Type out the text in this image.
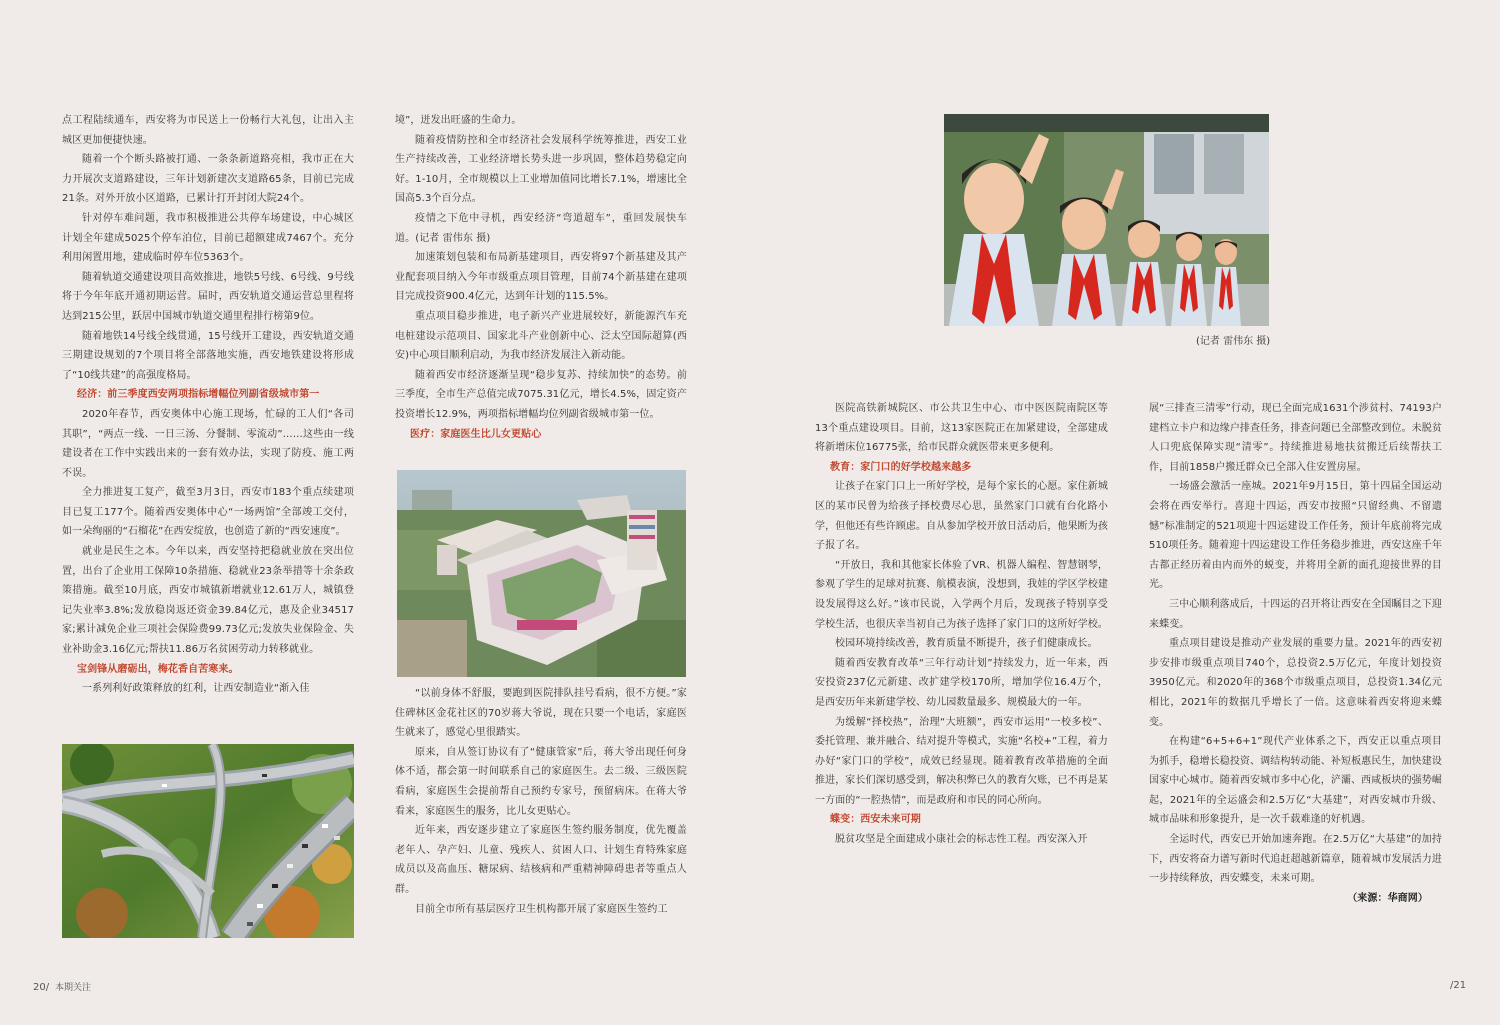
点工程陆续通车，西安将为市民送上一份畅行大礼包，让出入主城区更加便捷快速。

随着一个个断头路被打通、一条条新道路亮相，我市正在大力开展次支道路建设，三年计划新建次支道路65条，目前已完成21条。对外开放小区道路，已累计打开封闭大院24个。

针对停车难问题，我市积极推进公共停车场建设，中心城区计划全年建成5025个停车泊位，目前已超额建成7467个。充分利用闲置用地，建成临时停车位5363个。

随着轨道交通建设项目高效推进，地铁5号线、6号线、9号线将于今年年底开通初期运营。届时，西安轨道交通运营总里程将达到215公里，跃居中国城市轨道交通里程排行榜第9位。

随着地铁14号线全线贯通，15号线开工建设，西安轨道交通三期建设规划的7个项目将全部落地实施，西安地铁建设将形成了“10线共建”的高强度格局。

经济：前三季度西安两项指标增幅位列副省级城市第一

2020年春节，西安奥体中心施工现场，忙碌的工人们“各司其职”，“两点一线、一日三汤、分餐制、零流动”……这些由一线建设者在工作中实践出来的一套有效办法，实现了防疫、施工两不误。

全力推进复工复产，截至3月3日，西安市183个重点续建项目已复工177个。随着西安奥体中心“一场两馆”全部竣工交付，如一朵绚丽的“石榴花”在西安绽放，也创造了新的“西安速度”。

就业是民生之本。今年以来，西安坚持把稳就业放在突出位置，出台了企业用工保障10条措施、稳就业23条举措等十余条政策措施。截至10月底，西安市城镇新增就业12.61万人，城镇登记失业率3.8%;发放稳岗返还资金39.84亿元，惠及企业34517家;累计减免企业三项社会保险费99.73亿元;发放失业保险金、失业补助金3.16亿元;帮扶11.86万名贫困劳动力转移就业。

宝剑锋从磨砺出，梅花香自苦寒来。

一系列利好政策释放的红利，让西安制造业“渐入佳

境”，迸发出旺盛的生命力。

随着疫情防控和全市经济社会发展科学统筹推进，西安工业生产持续改善，工业经济增长势头进一步巩固，整体趋势稳定向好。1-10月，全市规模以上工业增加值同比增长7.1%，增速比全国高5.3个百分点。

疫情之下危中寻机，西安经济“弯道超车”，重回发展快车道。(记者 雷伟东 摄)

加速策划包装和布局新基建项目，西安将97个新基建及其产业配套项目纳入今年市级重点项目管理，目前74个新基建在建项目完成投资900.4亿元，达到年计划的115.5%。

重点项目稳步推进，电子新兴产业进展较好，新能源汽车充电桩建设示范项目、国家北斗产业创新中心、泛太空国际超算(西安)中心项目顺利启动，为我市经济发展注入新动能。

随着西安市经济逐渐呈现“稳步复苏、持续加快”的态势。前三季度，全市生产总值完成7075.31亿元，增长4.5%，固定资产投资增长12.9%，两项指标增幅均位列副省级城市第一位。

医疗：家庭医生比儿女更贴心

“以前身体不舒服，要跑到医院排队挂号看病，很不方便。”家住碑林区金花社区的70岁蒋大爷说，现在只要一个电话，家庭医生就来了，感觉心里很踏实。

原来，自从签订协议有了“健康管家”后，蒋大爷出现任何身体不适，都会第一时间联系自己的家庭医生。去二级、三级医院看病，家庭医生会提前帮自己预约专家号，预留病床。在蒋大爷看来，家庭医生的服务，比儿女更贴心。

近年来，西安逐步建立了家庭医生签约服务制度，优先覆盖老年人、孕产妇、儿童、残疾人、贫困人口、计划生育特殊家庭成员以及高血压、糖尿病、结核病和严重精神障碍患者等重点人群。

目前全市所有基层医疗卫生机构都开展了家庭医生签约工

(记者 雷伟东 摄)

医院高铁新城院区、市公共卫生中心、市中医医院南院区等13个重点建设项目。目前，这13家医院正在加紧建设，全部建成将新增床位16775张，给市民群众就医带来更多便利。

教育：家门口的好学校越来越多

让孩子在家门口上一所好学校，是每个家长的心愿。家住新城区的某市民曾为给孩子择校费尽心思，虽然家门口就有台化路小学，但他还有些许顾虑。自从参加学校开放日活动后，他果断为孩子报了名。

“开放日，我和其他家长体验了VR、机器人编程、智慧钢琴，参观了学生的足球对抗赛、航模表演，没想到，我娃的学区学校建设发展得这么好。”该市民说，入学两个月后，发现孩子特别享受学校生活，也很庆幸当初自己为孩子选择了家门口的这所好学校。

校园环境持续改善，教育质量不断提升，孩子们健康成长。

随着西安教育改革“三年行动计划”持续发力，近一年来，西安投资237亿元新建、改扩建学校170所，增加学位16.4万个，是西安历年来新建学校、幼儿园数量最多、规模最大的一年。

为缓解“择校热”，治理“大班额”，西安市运用“一校多校”、委托管理、兼并融合、结对提升等模式，实施“名校+”工程，着力办好“家门口的学校”，成效已经显现。随着教育改革措施的全面推进，家长们深切感受到，解决积弊已久的教育欠账，已不再是某一方面的“一腔热情”，而是政府和市民的同心所向。

蝶变：西安未来可期

脱贫攻坚是全面建成小康社会的标志性工程。西安深入开

展“三排查三清零”行动，现已全面完成1631个涉贫村、74193户建档立卡户和边缘户排查任务，排查问题已全部整改到位。未脱贫人口兜底保障实现“清零”。持续推进易地扶贫搬迁后续帮扶工作，目前1858户搬迁群众已全部入住安置房屋。

一场盛会激活一座城。2021年9月15日，第十四届全国运动会将在西安举行。喜迎十四运，西安市按照“只留经典、不留遗憾”标准制定的521项迎十四运建设工作任务，预计年底前将完成510项任务。随着迎十四运建设工作任务稳步推进，西安这座千年古都正经历着由内而外的蜕变，并将用全新的面孔迎接世界的目光。

三中心顺利落成后，十四运的召开将让西安在全国瞩目之下迎来蝶变。

重点项目建设是推动产业发展的重要力量。2021年的西安初步安排市级重点项目740个，总投资2.5万亿元，年度计划投资3950亿元。和2020年的368个市级重点项目，总投资1.34亿元相比，2021年的数据几乎增长了一倍。这意味着西安将迎来蝶变。

在构建“6+5+6+1”现代产业体系之下，西安正以重点项目为抓手，稳增长稳投资、调结构转动能、补短板惠民生，加快建设国家中心城市。随着西安城市多中心化，浐灞、西咸板块的强势崛起，2021年的全运盛会和2.5万亿“大基建”，对西安城市升级、城市品味和形象提升，是一次千载难逢的好机遇。

全运时代，西安已开始加速奔跑。在2.5万亿“大基建”的加持下，西安将奋力谱写新时代追赶超越新篇章，随着城市发展活力进一步持续释放，西安蝶变，未来可期。

（来源：华商网）

20/ 本期关注	/21
